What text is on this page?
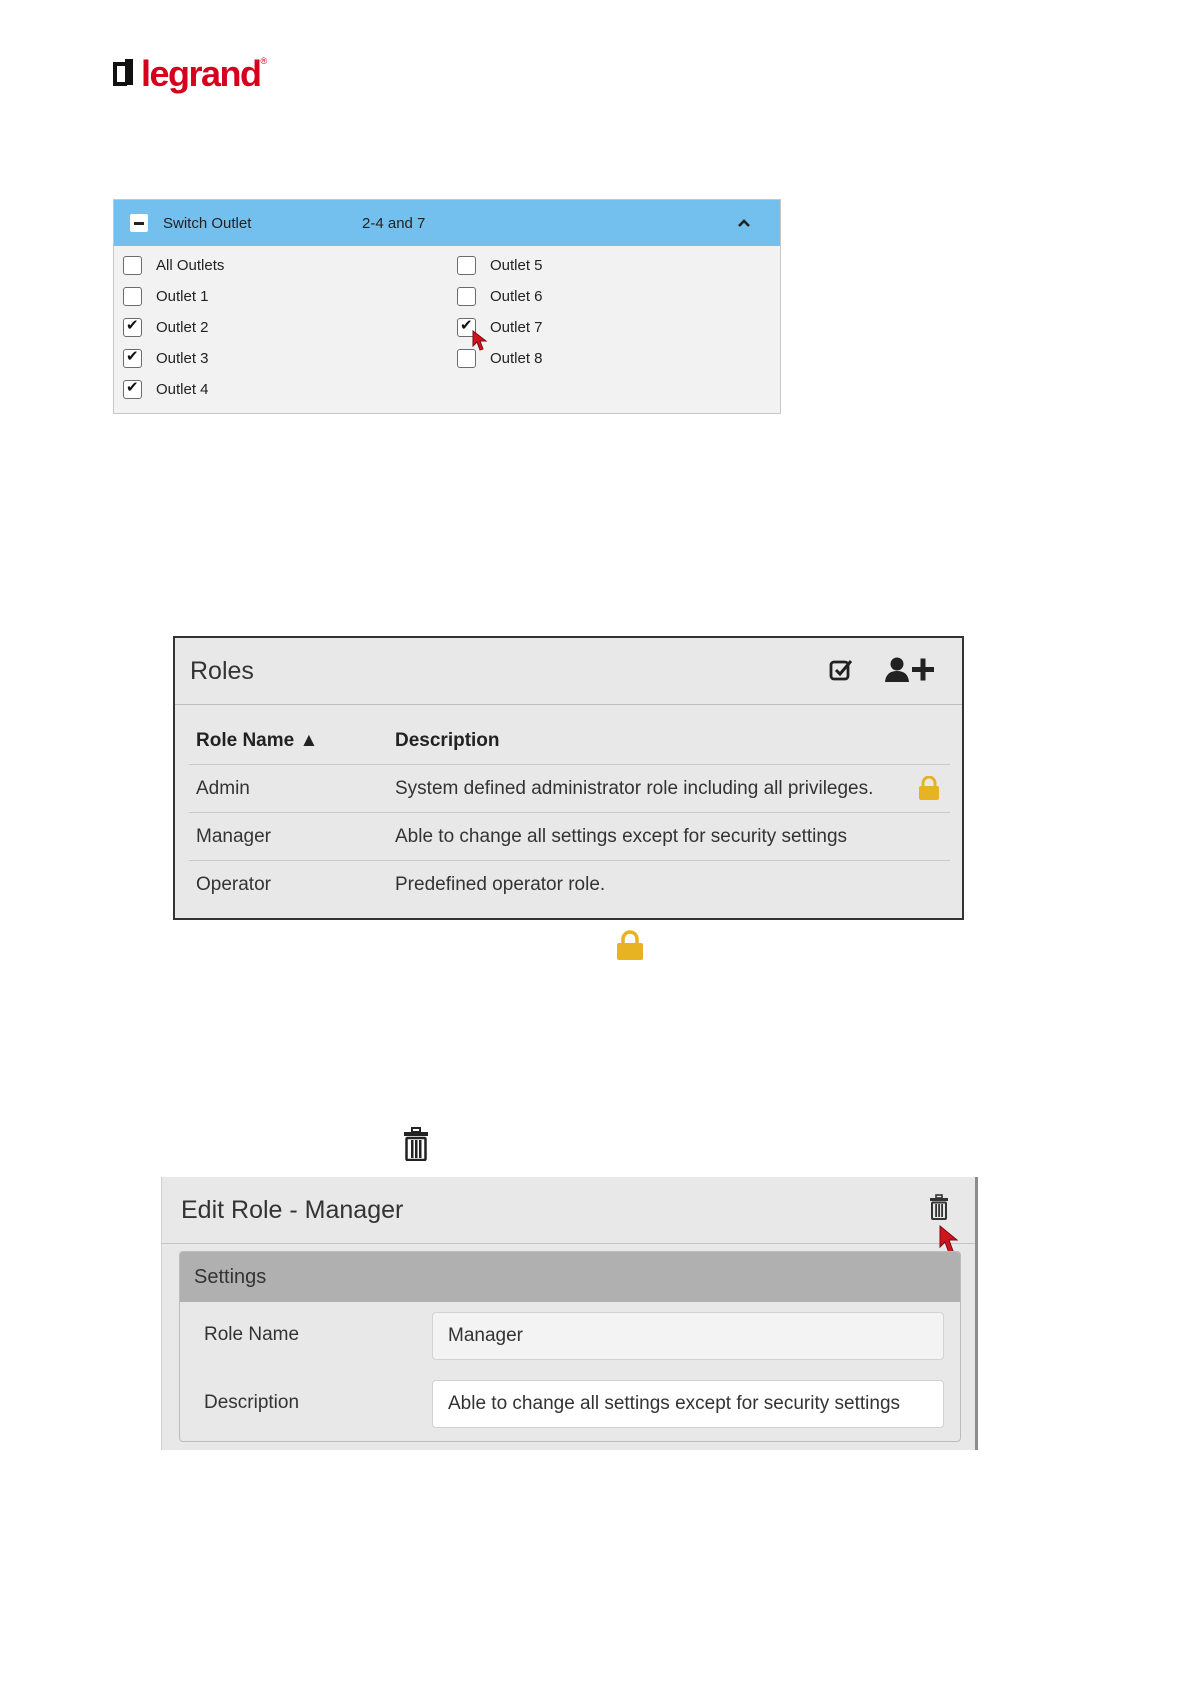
legrand ®
Switch Outlet	2-4 and 7
All Outlets
Outlet 1
✔
Outlet 2
✔
Outlet 3
✔
Outlet 4
Outlet 5
Outlet 6
✔
Outlet 7
Outlet 8
Roles
Role Name ▲	Description
Admin	System defined administrator role including all privileges.
Manager	Able to change all settings except for security settings
Operator	Predefined operator role.
Edit Role - Manager
Settings
Role Name	Manager
Description	Able to change all settings except for security settings
